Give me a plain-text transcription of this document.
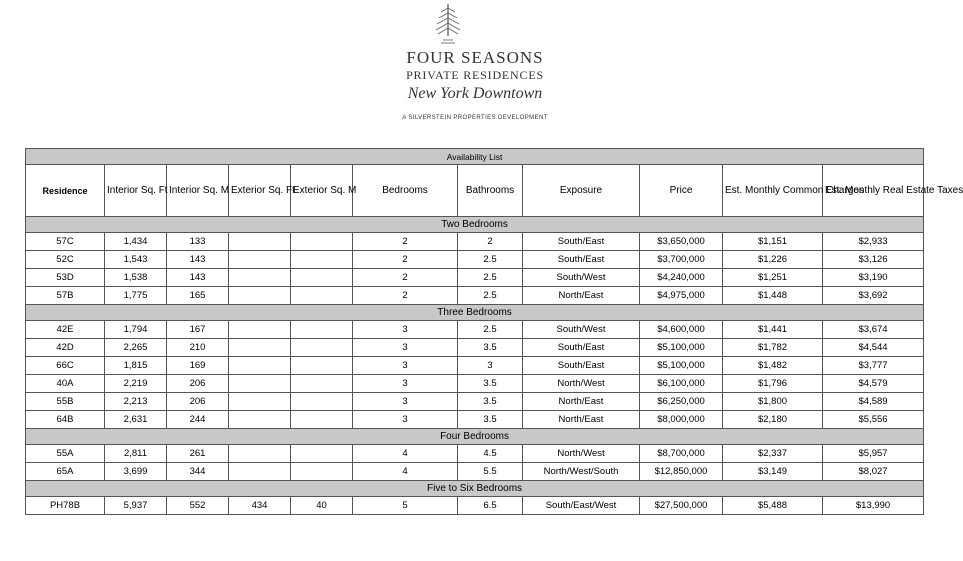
FOUR SEASONS
PRIVATE RESIDENCES
New York Downtown
A SILVERSTEIN PROPERTIES DEVELOPMENT
Availability List										
Residence	Interior Sq. Ft	Interior Sq. M	Exterior Sq. Ft	Exterior Sq. M	Bedrooms	Bathrooms	Exposure	Price	Est. Monthly Common Charges	Est. Monthly Real Estate Taxes
Two Bedrooms										
57C	1,434	133			2	2	South/East	$3,650,000	$1,151	$2,933
52C	1,543	143			2	2.5	South/East	$3,700,000	$1,226	$3,126
53D	1,538	143			2	2.5	South/West	$4,240,000	$1,251	$3,190
57B	1,775	165			2	2.5	North/East	$4,975,000	$1,448	$3,692
Three Bedrooms										
42E	1,794	167			3	2.5	South/West	$4,600,000	$1,441	$3,674
42D	2,265	210			3	3.5	South/East	$5,100,000	$1,782	$4,544
66C	1,815	169			3	3	South/East	$5,100,000	$1,482	$3,777
40A	2,219	206			3	3.5	North/West	$6,100,000	$1,796	$4,579
55B	2,213	206			3	3.5	North/East	$6,250,000	$1,800	$4,589
64B	2,631	244			3	3.5	North/East	$8,000,000	$2,180	$5,556
Four Bedrooms										
55A	2,811	261			4	4.5	North/West	$8,700,000	$2,337	$5,957
65A	3,699	344			4	5.5	North/West/South	$12,850,000	$3,149	$8,027
Five to Six Bedrooms										
PH78B	5,937	552	434	40	5	6.5	South/East/West	$27,500,000	$5,488	$13,990
